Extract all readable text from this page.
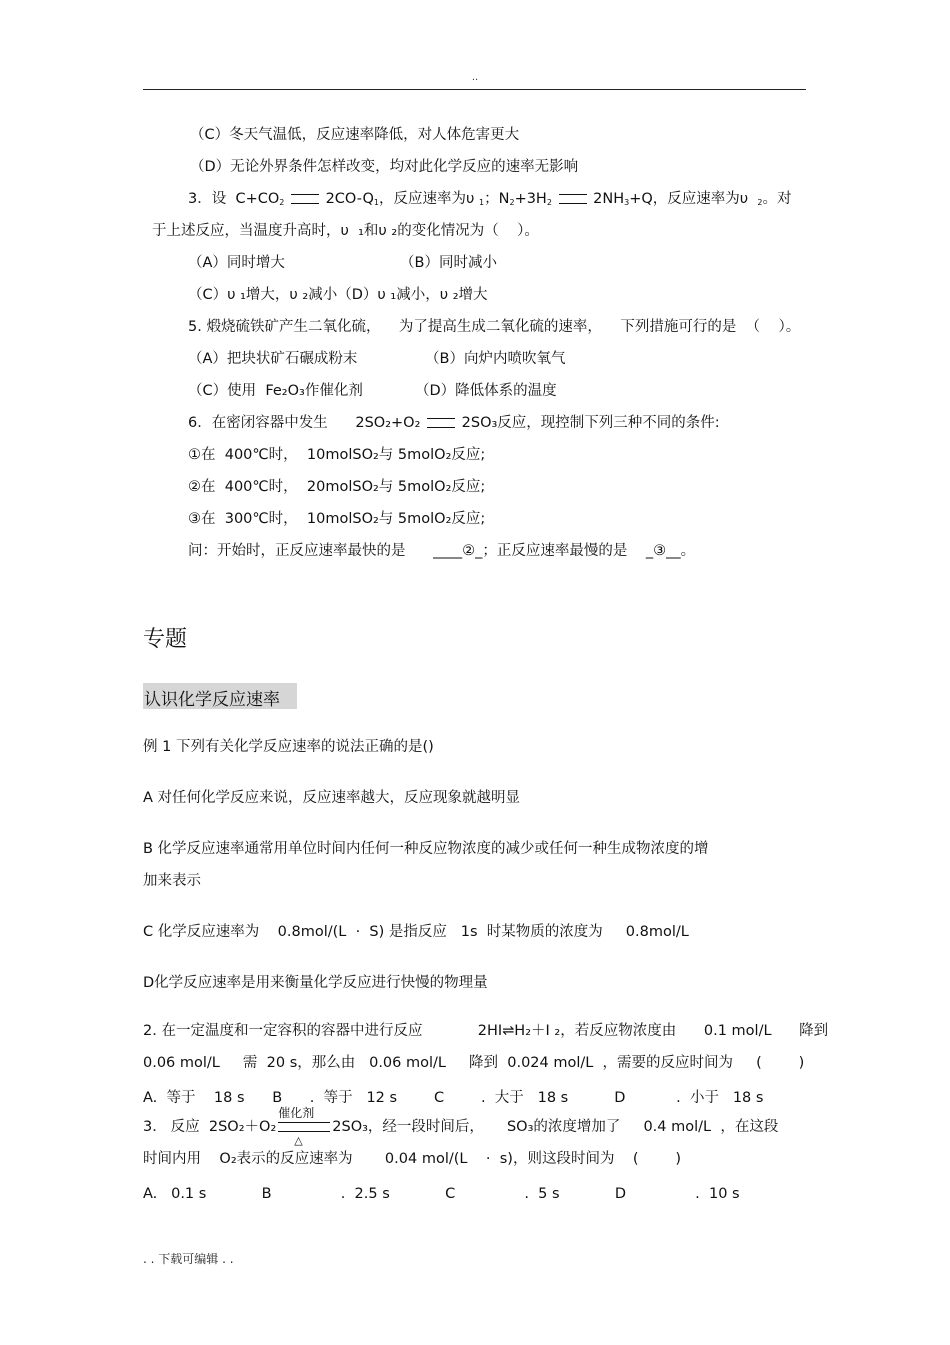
..
（C）冬天气温低，反应速率降低，对人体危害更大
（D）无论外界条件怎样改变，均对此化学反应的速率无影响
3．设  $C+CO_2$	$2CO-Q_1$，反应速率为υ $_1$；$N_2+3H_2$	$2NH_3+Q$，反应速率为υ  $_2$。对
于上述反应，当温度升高时，υ  ₁和υ ₂的变化情况为（    ）。
（A）同时增大	（B）同时减小
（C）υ ₁增大，υ ₂减小（D）υ ₁减小，υ ₂增大
5. 煅烧硫铁矿产生二氧化硫，    为了提高生成二氧化硫的速率，    下列措施可行的是  （    ）。
（A）把块状矿石碾成粉末	（B）向炉内喷吹氧气
（C）使用  Fe₂O₃作催化剂	（D）降低体系的温度
6．在密闭容器中发生      2SO₂+O₂	2SO₃反应，现控制下列三种不同的条件:
①在  400℃时，  10molSO₂与 5molO₂反应;
②在  400℃时，  20molSO₂与 5molO₂反应;
③在  300℃时，  10molSO₂与 5molO₂反应;
问：开始时，正反应速率最快的是      ____②_；正反应速率最慢的是    _③__。
专题
认识化学反应速率
例 1 下列有关化学反应速率的说法正确的是()
A 对任何化学反应来说，反应速率越大，反应现象就越明显
B 化学反应速率通常用单位时间内任何一种反应物浓度的减少或任何一种生成物浓度的增
加来表示
C 化学反应速率为    0.8mol/(L  ·  S) 是指反应   1s  时某物质的浓度为     0.8mol/L
D化学反应速率是用来衡量化学反应进行快慢的物理量
2. 在一定温度和一定容积的容器中进行反应            2HI⇌H₂＋I ₂，若反应物浓度由      0.1 mol/L      降到
0.06 mol/L     需  20 s，那么由   0.06 mol/L     降到  0.024 mol/L  ，需要的反应时间为     (        )
A.  等于    18 s      B      .  等于   12 s        C        .  大于   18 s          D           .  小于   18 s
3.   反应  2SO₂＋O₂
催化剂
△
2SO₃，经一段时间后，     SO₃的浓度增加了     0.4 mol/L  ，在这段
时间内用    O₂表示的反应速率为       0.04 mol/(L    ·  s)，则这段时间为    (        )
A.   0.1 s            B               .  2.5 s            C               .  5 s            D               .  10 s
. . 下载可编辑 . .
